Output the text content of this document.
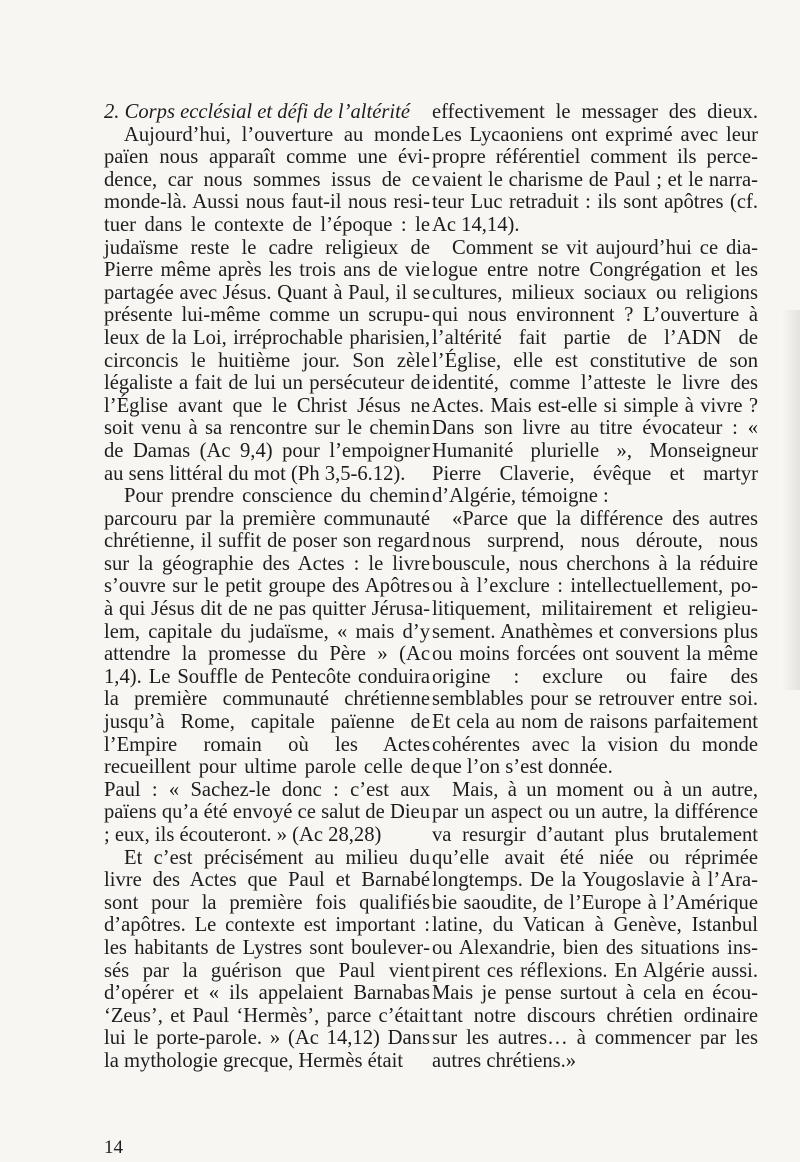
2. Corps ecclésial et défi de l’altérité

Aujourd’hui, l’ouverture au monde païen nous apparaît comme une évidence, car nous sommes issus de ce monde-là. Aussi nous faut-il nous resituer dans le contexte de l’époque : le judaïsme reste le cadre religieux de Pierre même après les trois ans de vie partagée avec Jésus. Quant à Paul, il se présente lui-même comme un scrupuleux de la Loi, irréprochable pharisien, circoncis le huitième jour. Son zèle légaliste a fait de lui un persécuteur de l’Église avant que le Christ Jésus ne soit venu à sa rencontre sur le chemin de Damas (Ac 9,4) pour l’empoigner au sens littéral du mot (Ph 3,5-6.12).

Pour prendre conscience du chemin parcouru par la première communauté chrétienne, il suffit de poser son regard sur la géographie des Actes : le livre s’ouvre sur le petit groupe des Apôtres à qui Jésus dit de ne pas quitter Jérusalem, capitale du judaïsme, « mais d’y attendre la promesse du Père » (Ac 1,4). Le Souffle de Pentecôte conduira la première communauté chrétienne jusqu’à Rome, capitale païenne de l’Empire romain où les Actes recueillent pour ultime parole celle de Paul : « Sachez-le donc : c’est aux païens qu’a été envoyé ce salut de Dieu ; eux, ils écouteront. » (Ac 28,28)

Et c’est précisément au milieu du livre des Actes que Paul et Barnabé sont pour la première fois qualifiés d’apôtres. Le contexte est important : les habitants de Lystres sont bouleversés par la guérison que Paul vient d’opérer et « ils appelaient Barnabas ‘Zeus’, et Paul ‘Hermès’, parce c’était lui le porte-parole. » (Ac 14,12) Dans la mythologie grecque, Hermès était

effectivement le messager des dieux. Les Lycaoniens ont exprimé avec leur propre référentiel comment ils percevaient le charisme de Paul ; et le narrateur Luc retraduit : ils sont apôtres (cf. Ac 14,14).

Comment se vit aujourd’hui ce dialogue entre notre Congrégation et les cultures, milieux sociaux ou religions qui nous environnent ? L’ouverture à l’altérité fait partie de l’ADN de l’Église, elle est constitutive de son identité, comme l’atteste le livre des Actes. Mais est-elle si simple à vivre ? Dans son livre au titre évocateur : « Humanité plurielle », Monseigneur Pierre Claverie, évêque et martyr d’Algérie, témoigne :

«Parce que la différence des autres nous surprend, nous déroute, nous bouscule, nous cherchons à la réduire ou à l’exclure : intellectuellement, politiquement, militairement et religieusement. Anathèmes et conversions plus ou moins forcées ont souvent la même origine : exclure ou faire des semblables pour se retrouver entre soi. Et cela au nom de raisons parfaitement cohérentes avec la vision du monde que l’on s’est donnée.

Mais, à un moment ou à un autre, par un aspect ou un autre, la différence va resurgir d’autant plus brutalement qu’elle avait été niée ou réprimée longtemps. De la Yougoslavie à l’Arabie saoudite, de l’Europe à l’Amérique latine, du Vatican à Genève, Istanbul ou Alexandrie, bien des situations inspirent ces réflexions. En Algérie aussi. Mais je pense surtout à cela en écoutant notre discours chrétien ordinaire sur les autres… à commencer par les autres chrétiens.»

14
